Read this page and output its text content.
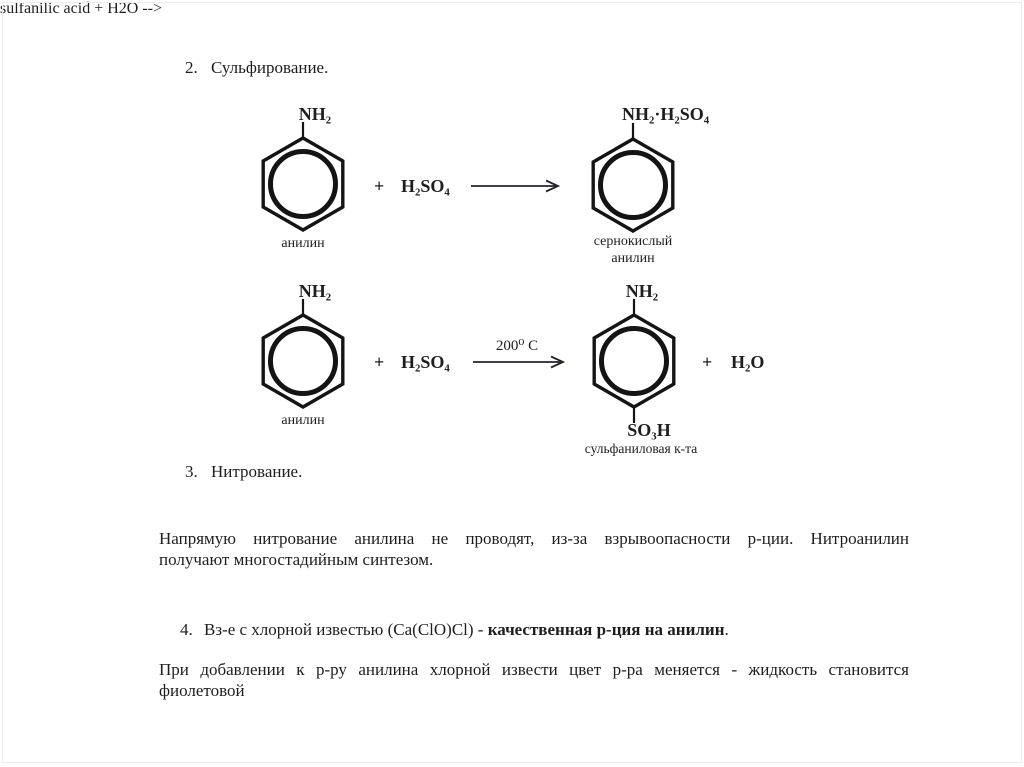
2. Сульфирование.
NH₂
анилин
+ H₂SO₄
NH₂·H₂SO₄
сернокислый
анилин
sulfanilic acid + H2O -->
NH₂
анилин
+ H₂SO₄
200⁰ C
NH₂
SO₃H
сульфаниловая к-та
+ H₂O
3. Нитрование.
Напрямую нитрование анилина не проводят, из-за взрывоопасности р-ции. Нитроанилин
получают многостадийным синтезом.
4. Вз-е с хлорной известью (Ca(ClO)Cl) - качественная р-ция на анилин.
При добавлении к р-ру анилина хлорной извести цвет р-ра меняется - жидкость становится
фиолетовой
